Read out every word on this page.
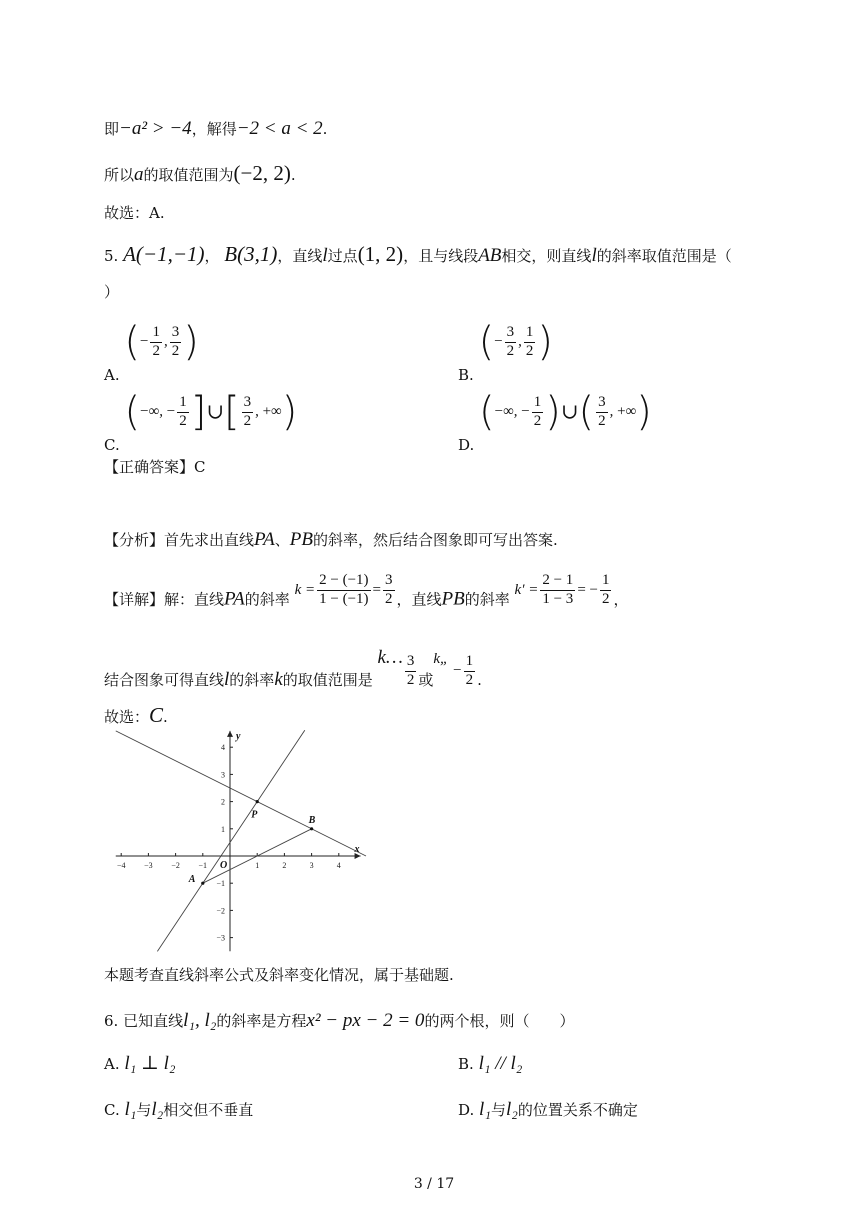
即−a² > −4，解得−2 < a < 2.
所以a的取值范围为(−2, 2).
故选：A.
5. A(−1,−1)， B(3,1)，直线l过点(1, 2)，且与线段AB相交，则直线l的斜率取值范围是（
）
A. (− $\frac{1}{2}$ , $\frac{3}{2}$ )
B. (− $\frac{3}{2}$ , $\frac{1}{2}$ )
C. (−∞, − $\frac{1}{2}$ ]∪[ $\frac{3}{2}$ , +∞)
D. (−∞, − $\frac{1}{2}$ )∪( $\frac{3}{2}$ , +∞)
【正确答案】C
【分析】首先求出直线PA、PB的斜率，然后结合图象即可写出答案.
【详解】解：直线PA的斜率 $k = \frac{2 - (-1)}{1 - (-1)} = \frac{3}{2}$ ，直线PB的斜率 $k' = \frac{2 - 1}{1 - 3}$ = − $\frac{1}{2}$ ，
结合图象可得直线l的斜率k的取值范围是 k… $\frac{3}{2}$ 或k„ − $\frac{1}{2}$ .
故选：C.
−4 −3 −2 −1	1	2	3	4
4
3
2
1
−1
−2
−3
x
y
O
P
A
B
本题考查直线斜率公式及斜率变化情况，属于基础题.
6. 已知直线l₁, l₂的斜率是方程x² − px − 2 = 0的两个根，则（　　）
A. l₁ ⊥ l₂	B. l₁ // l₂
C. l₁与l₂相交但不垂直	D. l₁与l₂的位置关系不确定
3 / 17
